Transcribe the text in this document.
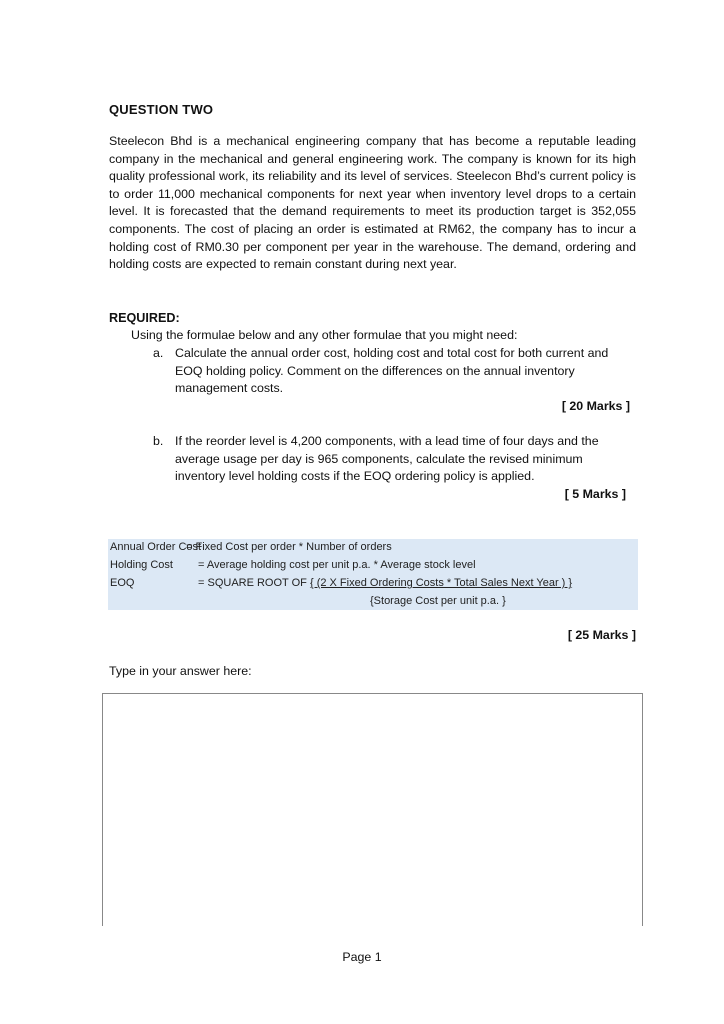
QUESTION TWO

Steelecon Bhd is a mechanical engineering company that has become a reputable leading company in the mechanical and general engineering work. The company is known for its high quality professional work, its reliability and its level of services. Steelecon Bhd’s current policy is to order 11,000 mechanical components for next year when inventory level drops to a certain level. It is forecasted that the demand requirements to meet its production target is 352,055 components. The cost of placing an order is estimated at RM62, the company has to incur a holding cost of RM0.30 per component per year in the warehouse. The demand, ordering and holding costs are expected to remain constant during next year.

REQUIRED:
Using the formulae below and any other formulae that you might need:
a. Calculate the annual order cost, holding cost and total cost for both current and EOQ holding policy. Comment on the differences on the annual inventory management costs.
[ 20 Marks ]
b. If the reorder level is 4,200 components, with a lead time of four days and the average usage per day is 965 components, calculate the revised minimum inventory level holding costs if the EOQ ordering policy is applied.
[ 5 Marks ]
Annual Order Cost
= Fixed Cost per order * Number of orders
Holding Cost = Average holding cost per unit p.a. * Average stock level
EOQ	= SQUARE ROOT OF { (2 X Fixed Ordering Costs * Total Sales Next Year ) }
{Storage Cost per unit p.a. }
[ 25 Marks ]
Type in your answer here:
Page 1
